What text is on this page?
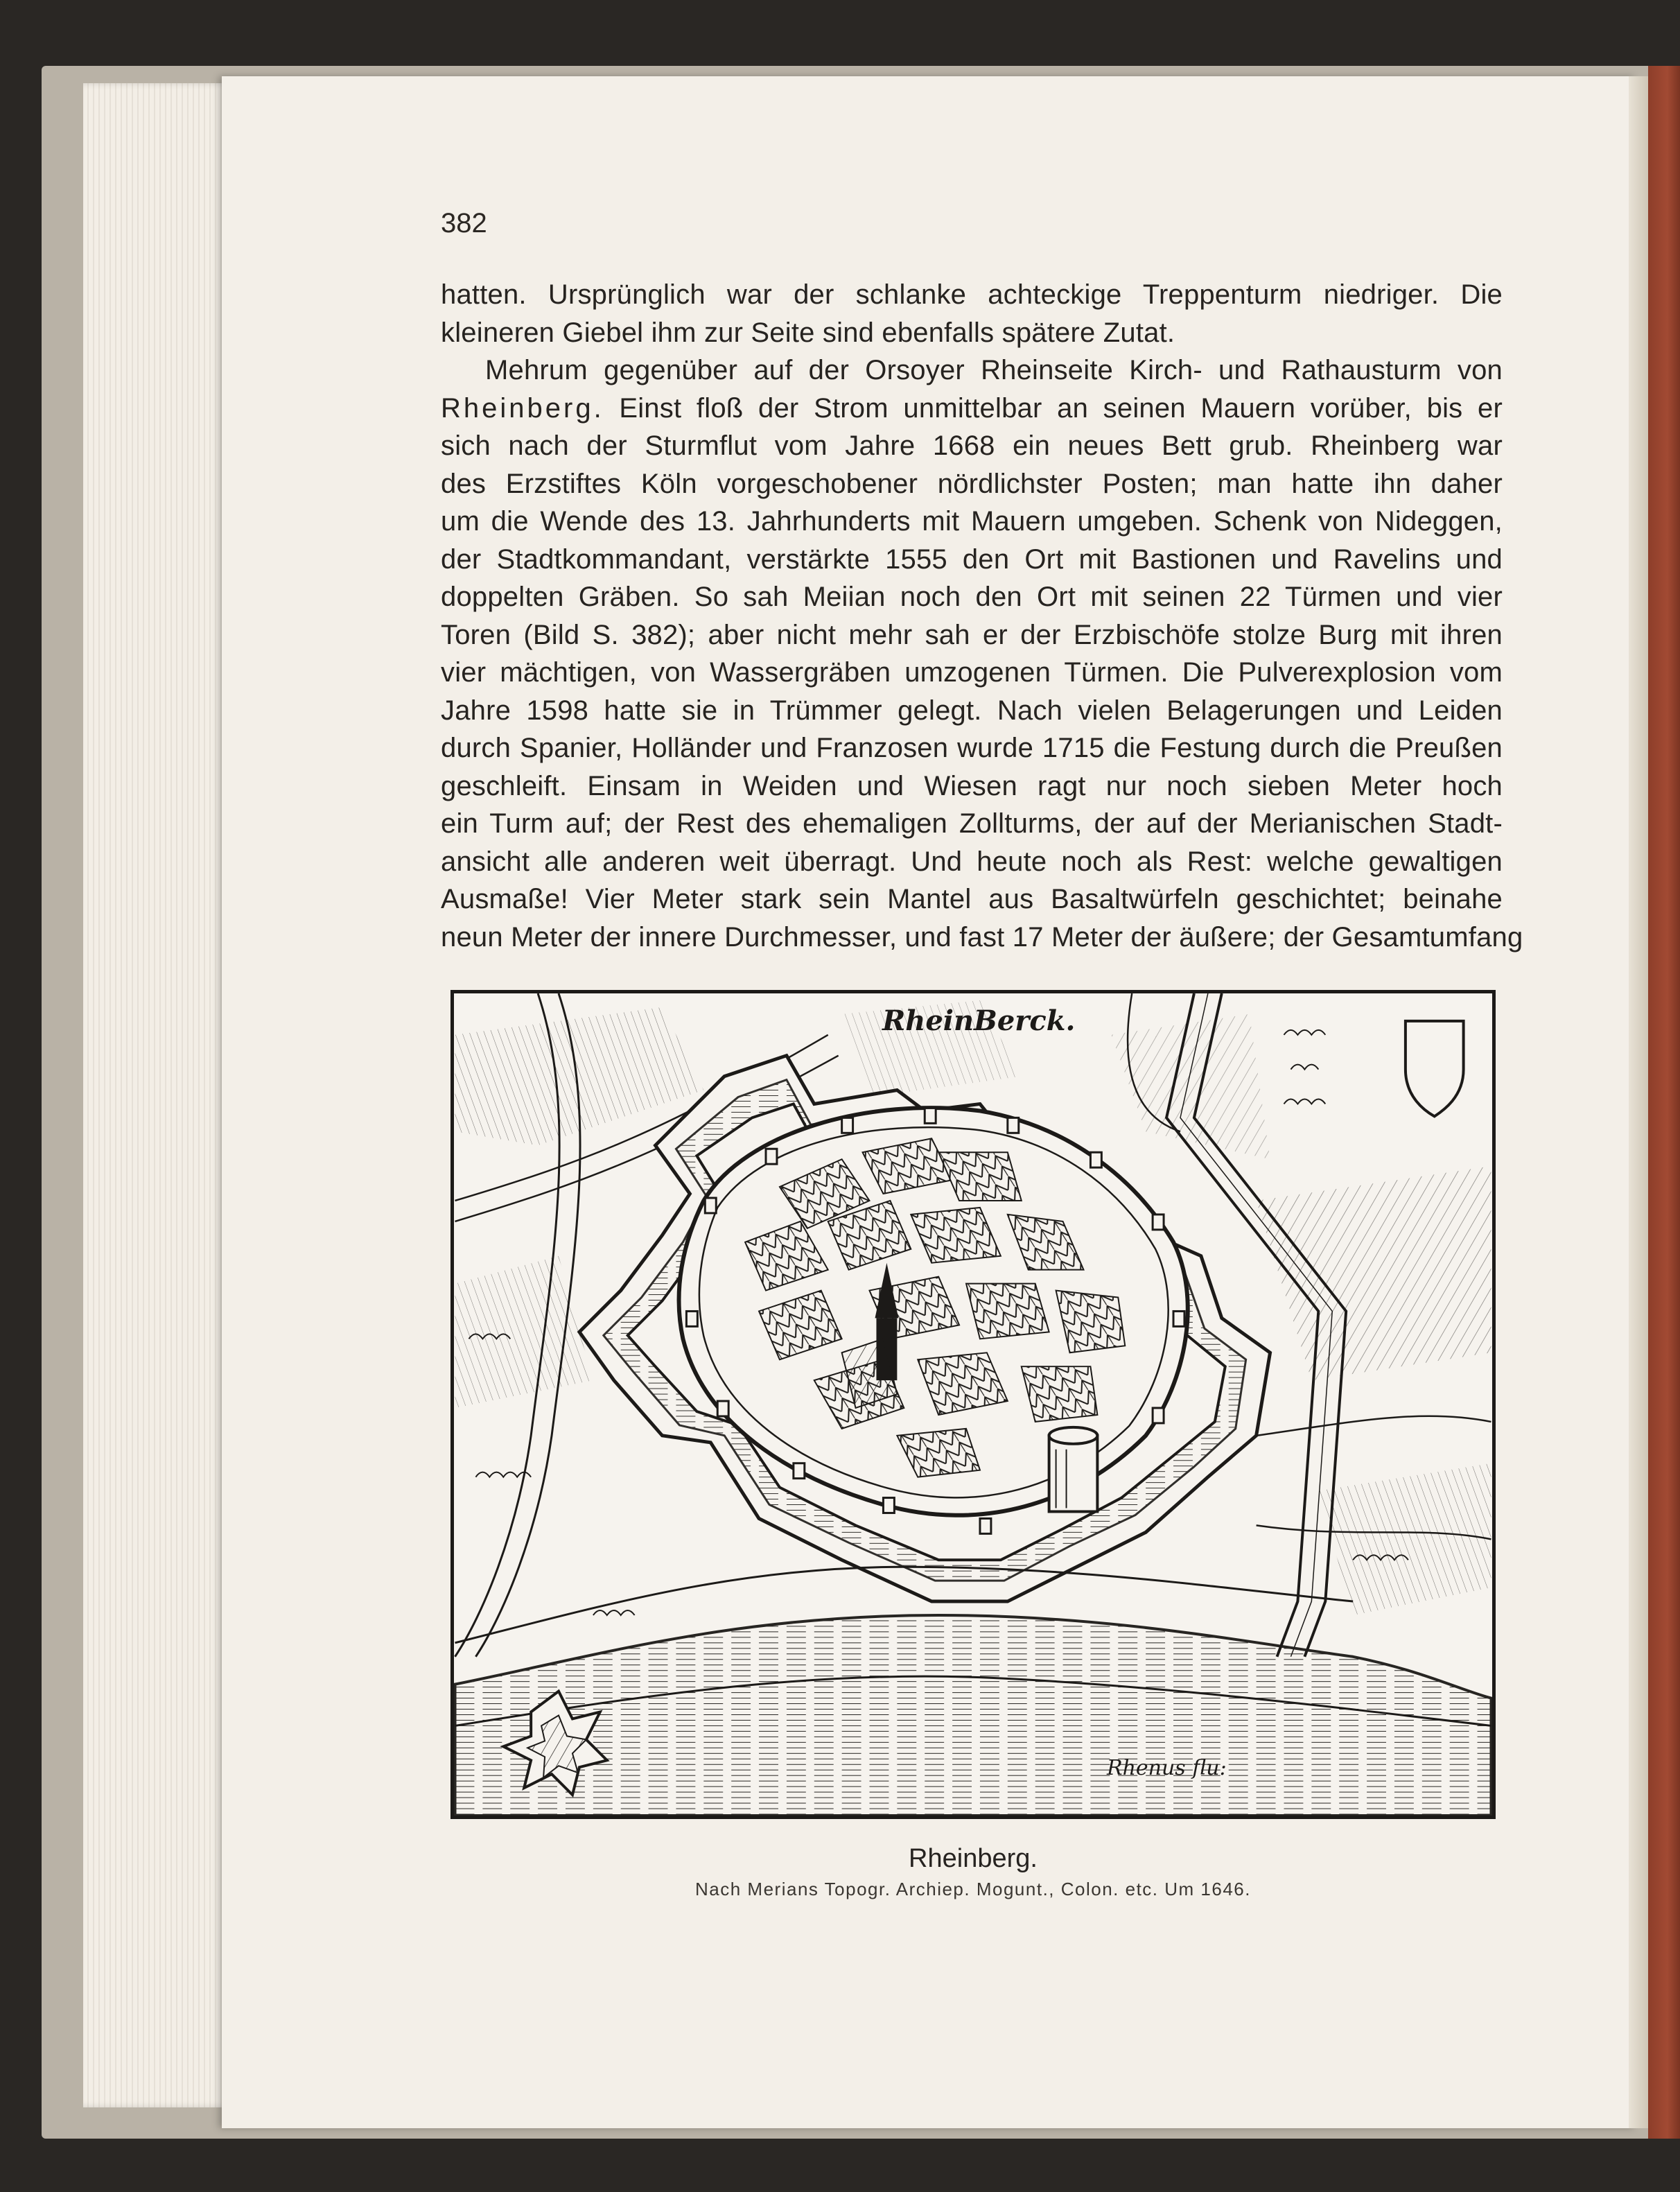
382
hatten. Ursprünglich war der schlanke achteckige Treppenturm niedriger. Die
kleineren Giebel ihm zur Seite sind ebenfalls spätere Zutat.
Mehrum gegenüber auf der Orsoyer Rheinseite Kirch- und Rathausturm von
Rheinberg. Einst floß der Strom unmittelbar an seinen Mauern vorüber, bis er
sich nach der Sturmflut vom Jahre 1668 ein neues Bett grub. Rheinberg war
des Erzstiftes Köln vorgeschobener nördlichster Posten; man hatte ihn daher
um die Wende des 13. Jahrhunderts mit Mauern umgeben. Schenk von Nideggen,
der Stadtkommandant, verstärkte 1555 den Ort mit Bastionen und Ravelins und
doppelten Gräben. So sah Meiian noch den Ort mit seinen 22 Türmen und vier
Toren (Bild S. 382); aber nicht mehr sah er der Erzbischöfe stolze Burg mit ihren
vier mächtigen, von Wassergräben umzogenen Türmen. Die Pulverexplosion vom
Jahre 1598 hatte sie in Trümmer gelegt. Nach vielen Belagerungen und Leiden
durch Spanier, Holländer und Franzosen wurde 1715 die Festung durch die Preußen
geschleift. Einsam in Weiden und Wiesen ragt nur noch sieben Meter hoch
ein Turm auf; der Rest des ehemaligen Zollturms, der auf der Merianischen Stadt-
ansicht alle anderen weit überragt. Und heute noch als Rest: welche gewaltigen
Ausmaße! Vier Meter stark sein Mantel aus Basaltwürfeln geschichtet; beinahe
neun Meter der innere Durchmesser, und fast 17 Meter der äußere; der Gesamtumfang
RheinBerck.
Rhenus flu:
Rheinberg.
Nach Merians Topogr. Archiep. Mogunt., Colon. etc. Um 1646.
